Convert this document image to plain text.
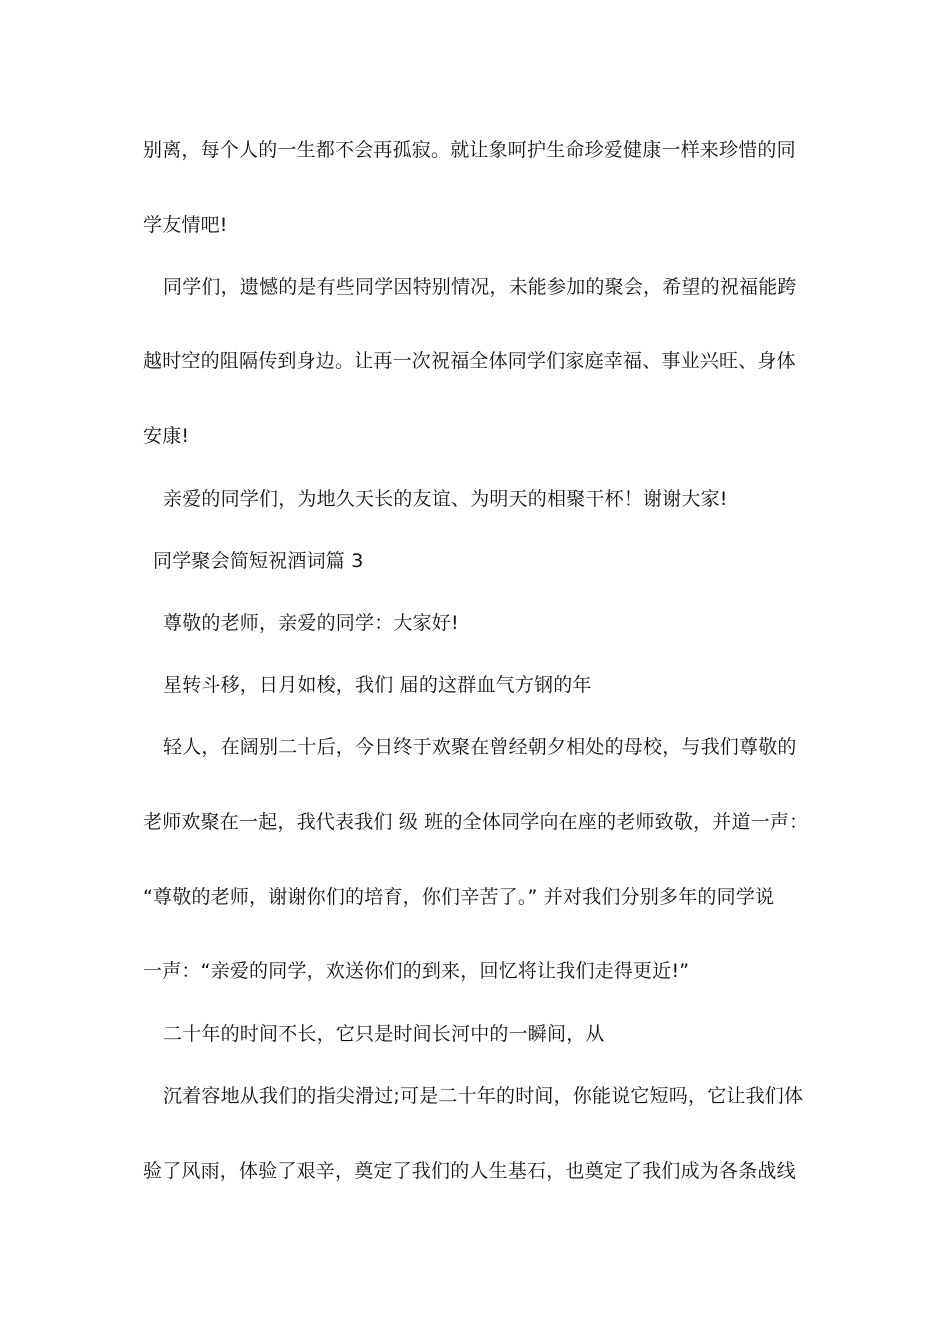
别离，每个人的一生都不会再孤寂。就让象呵护生命珍爱健康一样来珍惜的同
学友情吧!
同学们，遗憾的是有些同学因特别情况，未能参加的聚会，希望的祝福能跨
越时空的阻隔传到身边。让再一次祝福全体同学们家庭幸福、事业兴旺、身体
安康!
亲爱的同学们，为地久天长的友谊、为明天的相聚干杯！谢谢大家!
同学聚会简短祝酒词篇 3
尊敬的老师，亲爱的同学：大家好!
星转斗移，日月如梭，我们 届的这群血气方钢的年
轻人，在阔别二十后，今日终于欢聚在曾经朝夕相处的母校，与我们尊敬的
老师欢聚在一起，我代表我们 级 班的全体同学向在座的老师致敬，并道一声：
“尊敬的老师，谢谢你们的培育，你们辛苦了。” 并对我们分别多年的同学说
一声：“亲爱的同学，欢送你们的到来，回忆将让我们走得更近!”
二十年的时间不长，它只是时间长河中的一瞬间，从
沉着容地从我们的指尖滑过;可是二十年的时间，你能说它短吗，它让我们体
验了风雨，体验了艰辛，奠定了我们的人生基石，也奠定了我们成为各条战线
